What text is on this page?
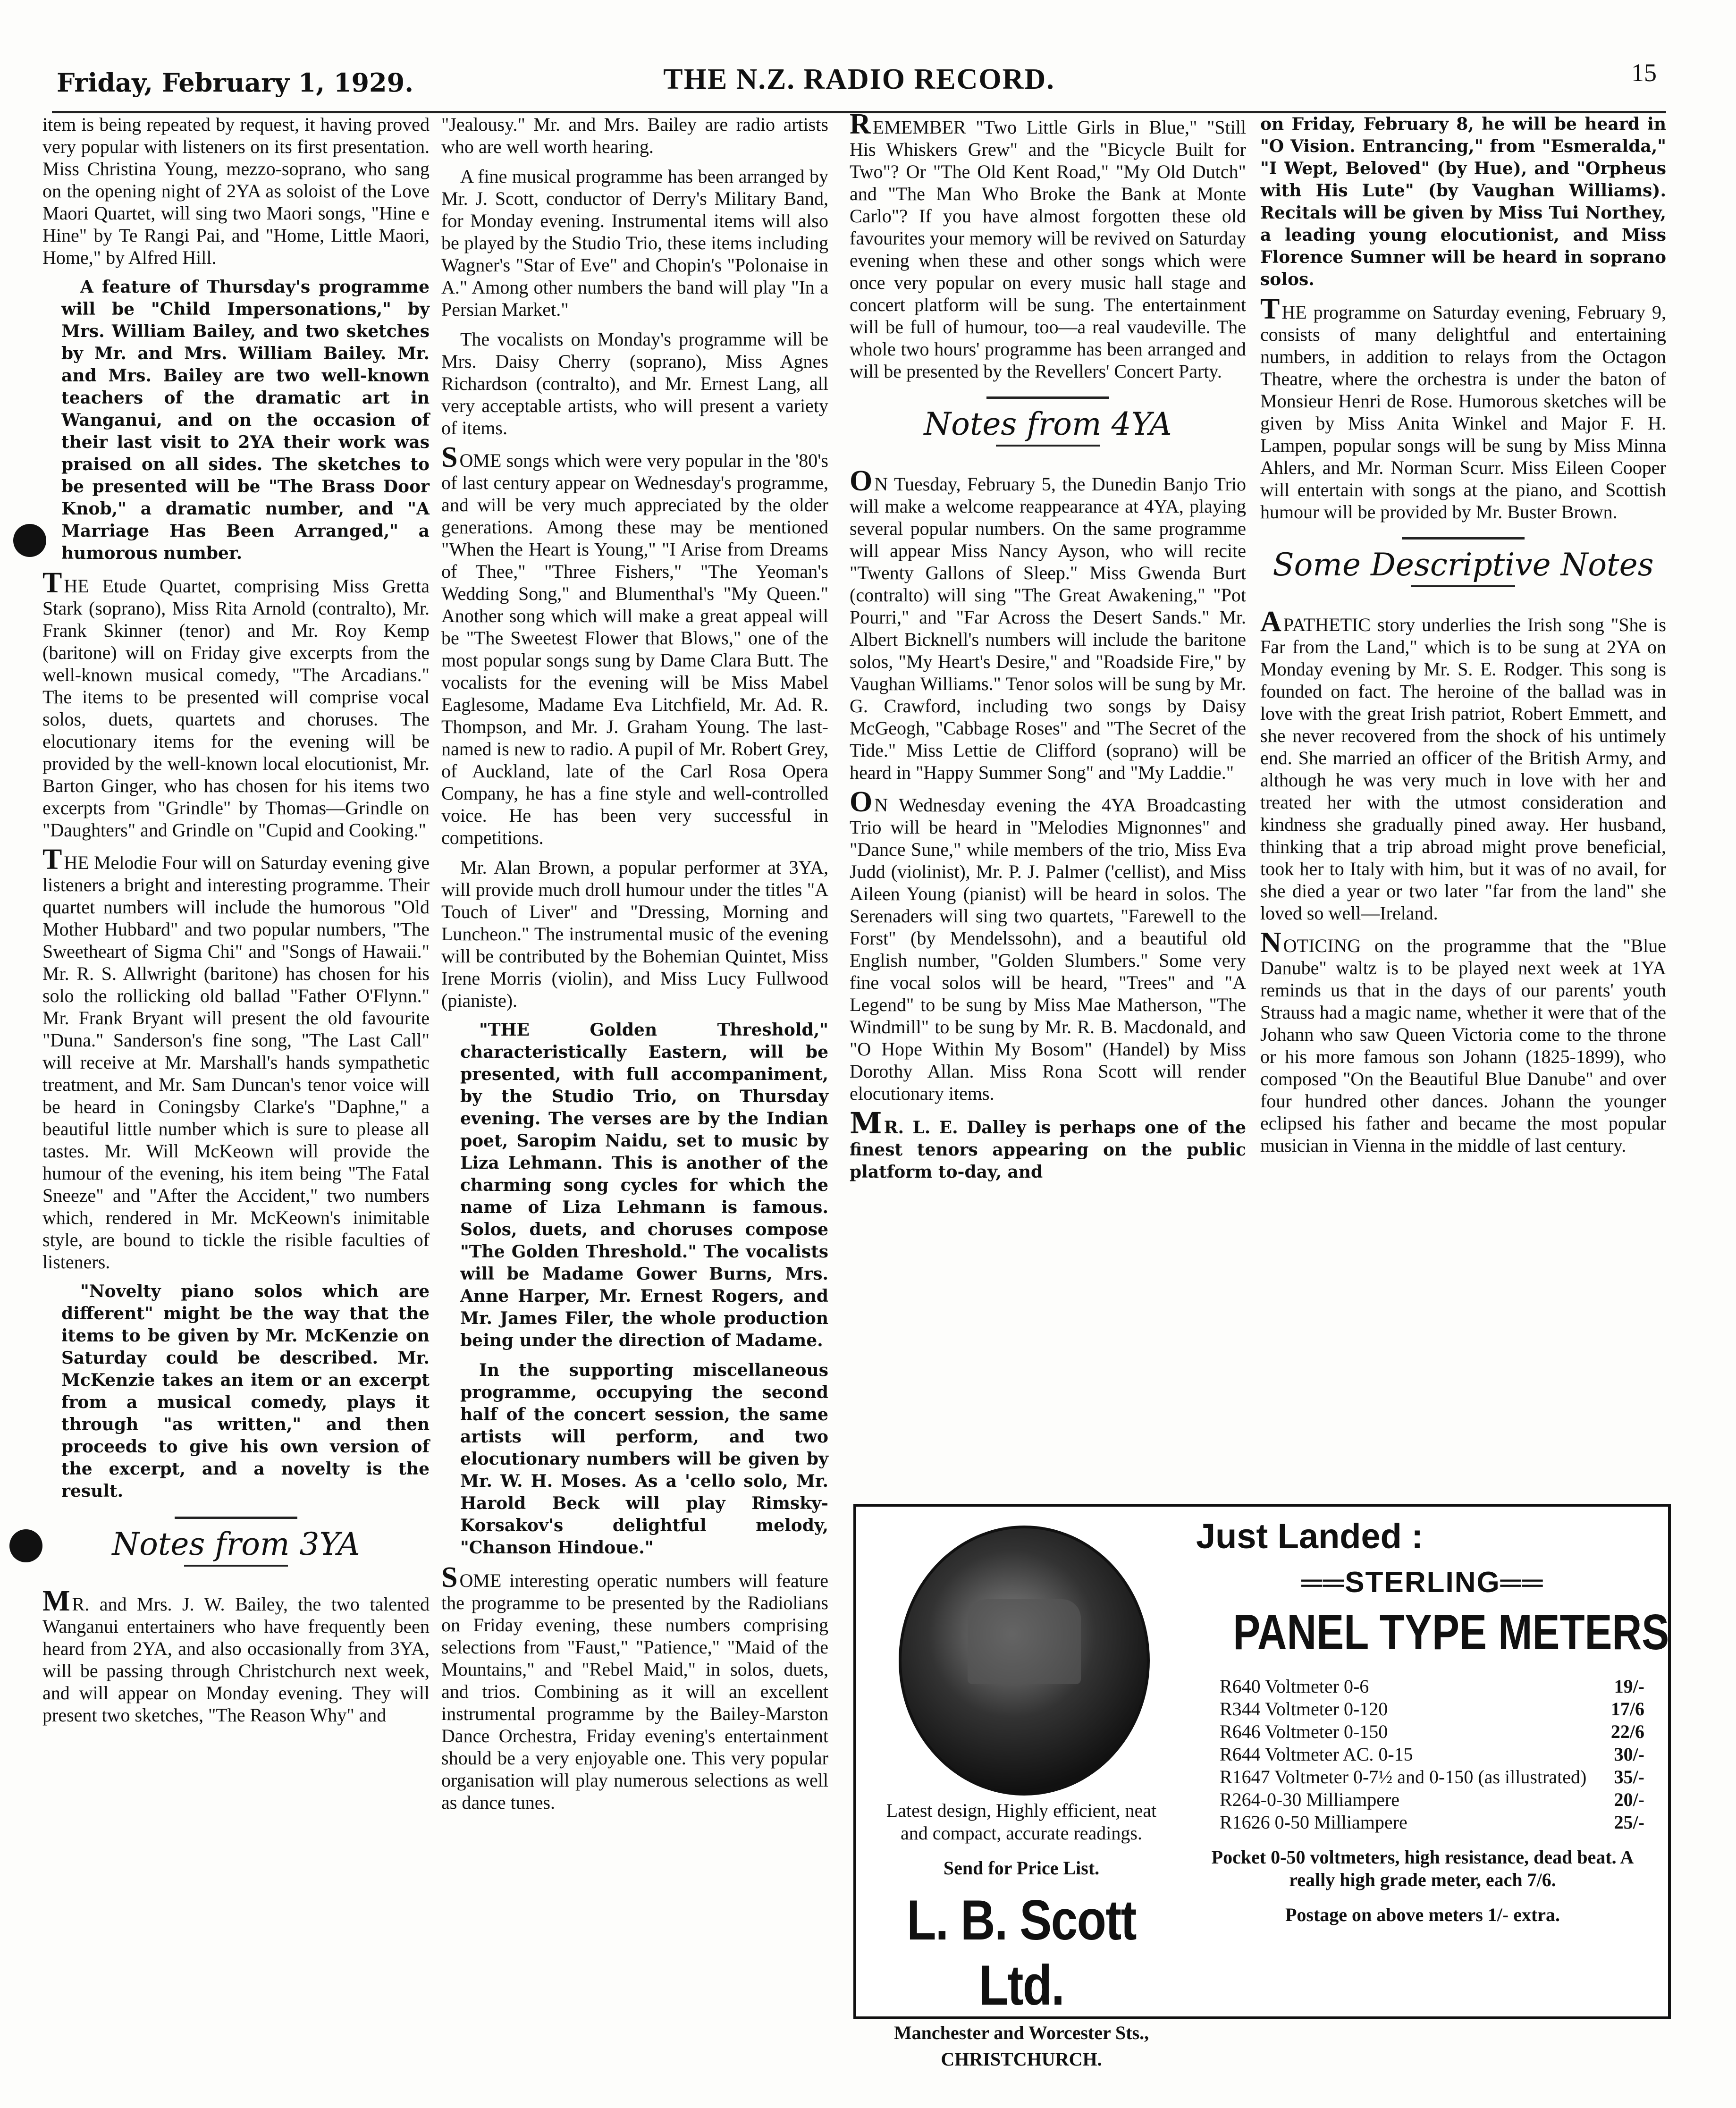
Friday, February 1, 1929.	THE N.Z. RADIO RECORD.	15

item is being repeated by request, it having proved very popular with listeners on its first presentation. Miss Christina Young, mezzo-soprano, who sang on the opening night of 2YA as soloist of the Love Maori Quartet, will sing two Maori songs, "Hine e Hine" by Te Rangi Pai, and "Home, Little Maori, Home," by Alfred Hill.

A feature of Thursday's programme will be "Child Impersonations," by Mrs. William Bailey, and two sketches by Mr. and Mrs. William Bailey. Mr. and Mrs. Bailey are two well-known teachers of the dramatic art in Wanganui, and on the occasion of their last visit to 2YA their work was praised on all sides. The sketches to be presented will be "The Brass Door Knob," a dramatic number, and "A Marriage Has Been Arranged," a humorous number.

THE Etude Quartet, comprising Miss Gretta Stark (soprano), Miss Rita Arnold (contralto), Mr. Frank Skinner (tenor) and Mr. Roy Kemp (baritone) will on Friday give excerpts from the well-known musical comedy, "The Arcadians." The items to be presented will comprise vocal solos, duets, quartets and choruses. The elocutionary items for the evening will be provided by the well-known local elocutionist, Mr. Barton Ginger, who has chosen for his items two excerpts from "Grindle" by Thomas—Grindle on "Daughters" and Grindle on "Cupid and Cooking."

THE Melodie Four will on Saturday evening give listeners a bright and interesting programme. Their quartet numbers will include the humorous "Old Mother Hubbard" and two popular numbers, "The Sweetheart of Sigma Chi" and "Songs of Hawaii." Mr. R. S. Allwright (baritone) has chosen for his solo the rollicking old ballad "Father O'Flynn." Mr. Frank Bryant will present the old favourite "Duna." Sanderson's fine song, "The Last Call" will receive at Mr. Marshall's hands sympathetic treatment, and Mr. Sam Duncan's tenor voice will be heard in Coningsby Clarke's "Daphne," a beautiful little number which is sure to please all tastes. Mr. Will McKeown will provide the humour of the evening, his item being "The Fatal Sneeze" and "After the Accident," two numbers which, rendered in Mr. McKeown's inimitable style, are bound to tickle the risible faculties of listeners.

"Novelty piano solos which are different" might be the way that the items to be given by Mr. McKenzie on Saturday could be described. Mr. McKenzie takes an item or an excerpt from a musical comedy, plays it through "as written," and then proceeds to give his own version of the excerpt, and a novelty is the result.

Notes from 3YA

M R. and Mrs. J. W. Bailey, the two talented Wanganui entertainers who have frequently been heard from 2YA, and also occasionally from 3YA, will be passing through Christchurch next week, and will appear on Monday evening. They will present two sketches, "The Reason Why" and

"Jealousy." Mr. and Mrs. Bailey are radio artists who are well worth hearing.

A fine musical programme has been arranged by Mr. J. Scott, conductor of Derry's Military Band, for Monday evening. Instrumental items will also be played by the Studio Trio, these items including Wagner's "Star of Eve" and Chopin's "Polonaise in A." Among other numbers the band will play "In a Persian Market."

The vocalists on Monday's programme will be Mrs. Daisy Cherry (soprano), Miss Agnes Richardson (contralto), and Mr. Ernest Lang, all very acceptable artists, who will present a variety of items.

SOME songs which were very popular in the '80's of last century appear on Wednesday's programme, and will be very much appreciated by the older generations. Among these may be mentioned "When the Heart is Young," "I Arise from Dreams of Thee," "Three Fishers," "The Yeoman's Wedding Song," and Blumenthal's "My Queen." Another song which will make a great appeal will be "The Sweetest Flower that Blows," one of the most popular songs sung by Dame Clara Butt. The vocalists for the evening will be Miss Mabel Eaglesome, Madame Eva Litchfield, Mr. Ad. R. Thompson, and Mr. J. Graham Young. The last-named is new to radio. A pupil of Mr. Robert Grey, of Auckland, late of the Carl Rosa Opera Company, he has a fine style and well-controlled voice. He has been very successful in competitions.

Mr. Alan Brown, a popular performer at 3YA, will provide much droll humour under the titles "A Touch of Liver" and "Dressing, Morning and Luncheon." The instrumental music of the evening will be contributed by the Bohemian Quintet, Miss Irene Morris (violin), and Miss Lucy Fullwood (pianiste).

"THE Golden Threshold," characteristically Eastern, will be presented, with full accompaniment, by the Studio Trio, on Thursday evening. The verses are by the Indian poet, Saropim Naidu, set to music by Liza Lehmann. This is another of the charming song cycles for which the name of Liza Lehmann is famous. Solos, duets, and choruses compose "The Golden Threshold." The vocalists will be Madame Gower Burns, Mrs. Anne Harper, Mr. Ernest Rogers, and Mr. James Filer, the whole production being under the direction of Madame.

In the supporting miscellaneous programme, occupying the second half of the concert session, the same artists will perform, and two elocutionary numbers will be given by Mr. W. H. Moses. As a 'cello solo, Mr. Harold Beck will play Rimsky-Korsakov's delightful melody, "Chanson Hindoue."

SOME interesting operatic numbers will feature the programme to be presented by the Radiolians on Friday evening, these numbers comprising selections from "Faust," "Patience," "Maid of the Mountains," and "Rebel Maid," in solos, duets, and trios. Combining as it will an excellent instrumental programme by the Bailey-Marston Dance Orchestra, Friday evening's entertainment should be a very enjoyable one. This very popular organisation will play numerous selections as well as dance tunes.

REMEMBER "Two Little Girls in Blue," "Still His Whiskers Grew" and the "Bicycle Built for Two"? Or "The Old Kent Road," "My Old Dutch" and "The Man Who Broke the Bank at Monte Carlo"? If you have almost forgotten these old favourites your memory will be revived on Saturday evening when these and other songs which were once very popular on every music hall stage and concert platform will be sung. The entertainment will be full of humour, too—a real vaudeville. The whole two hours' programme has been arranged and will be presented by the Revellers' Concert Party.

Notes from 4YA

O N Tuesday, February 5, the Dunedin Banjo Trio will make a welcome reappearance at 4YA, playing several popular numbers. On the same programme will appear Miss Nancy Ayson, who will recite "Twenty Gallons of Sleep." Miss Gwenda Burt (contralto) will sing "The Great Awakening," "Pot Pourri," and "Far Across the Desert Sands." Mr. Albert Bicknell's numbers will include the baritone solos, "My Heart's Desire," and "Roadside Fire," by Vaughan Williams." Tenor solos will be sung by Mr. G. Crawford, including two songs by Daisy McGeogh, "Cabbage Roses" and "The Secret of the Tide." Miss Lettie de Clifford (soprano) will be heard in "Happy Summer Song" and "My Laddie."

O N Wednesday evening the 4YA Broadcasting Trio will be heard in "Melodies Mignonnes" and "Dance Sune," while members of the trio, Miss Eva Judd (violinist), Mr. P. J. Palmer ('cellist), and Miss Aileen Young (pianist) will be heard in solos. The Serenaders will sing two quartets, "Farewell to the Forst" (by Mendelssohn), and a beautiful old English number, "Golden Slumbers." Some very fine vocal solos will be heard, "Trees" and "A Legend" to be sung by Miss Mae Matherson, "The Windmill" to be sung by Mr. R. B. Macdonald, and "O Hope Within My Bosom" (Handel) by Miss Dorothy Allan. Miss Rona Scott will render elocutionary items.

M R. L. E. Dalley is perhaps one of the finest tenors appearing on the public platform to-day, and

on Friday, February 8, he will be heard in "O Vision. Entrancing," from "Esmeralda," "I Wept, Beloved" (by Hue), and "Orpheus with His Lute" (by Vaughan Williams). Recitals will be given by Miss Tui Northey, a leading young elocutionist, and Miss Florence Sumner will be heard in soprano solos.

THE programme on Saturday evening, February 9, consists of many delightful and entertaining numbers, in addition to relays from the Octagon Theatre, where the orchestra is under the baton of Monsieur Henri de Rose. Humorous sketches will be given by Miss Anita Winkel and Major F. H. Lampen, popular songs will be sung by Miss Minna Ahlers, and Mr. Norman Scurr. Miss Eileen Cooper will entertain with songs at the piano, and Scottish humour will be provided by Mr. Buster Brown.

Some Descriptive Notes

APATHETIC story underlies the Irish song "She is Far from the Land," which is to be sung at 2YA on Monday evening by Mr. S. E. Rodger. This song is founded on fact. The heroine of the ballad was in love with the great Irish patriot, Robert Emmett, and she never recovered from the shock of his untimely end. She married an officer of the British Army, and although he was very much in love with her and treated her with the utmost consideration and kindness she gradually pined away. Her husband, thinking that a trip abroad might prove beneficial, took her to Italy with him, but it was of no avail, for she died a year or two later "far from the land" she loved so well—Ireland.

NOTICING on the programme that the "Blue Danube" waltz is to be played next week at 1YA reminds us that in the days of our parents' youth Strauss had a magic name, whether it were that of the Johann who saw Queen Victoria come to the throne or his more famous son Johann (1825-1899), who composed "On the Beautiful Blue Danube" and over four hundred other dances. Johann the younger eclipsed his father and became the most popular musician in Vienna in the middle of last century.

Latest design, Highly efficient, neat and compact, accurate readings.
Send for Price List.
L. B. Scott Ltd.
Manchester and Worcester Sts.,
CHRISTCHURCH.
Just Landed :
══STERLING══
PANEL TYPE METERS
R640 Voltmeter 0-6	19/-
R344 Voltmeter 0-120	17/6
R646 Voltmeter 0-150	22/6
R644 Voltmeter AC. 0-15	30/-
R1647 Voltmeter 0-7½ and 0-150 (as illustrated)	35/-
R264-0-30 Milliampere	20/-
R1626 0-50 Milliampere	25/-
Pocket 0-50 voltmeters, high resistance, dead beat. A really high grade meter, each 7/6.
Postage on above meters 1/- extra.
